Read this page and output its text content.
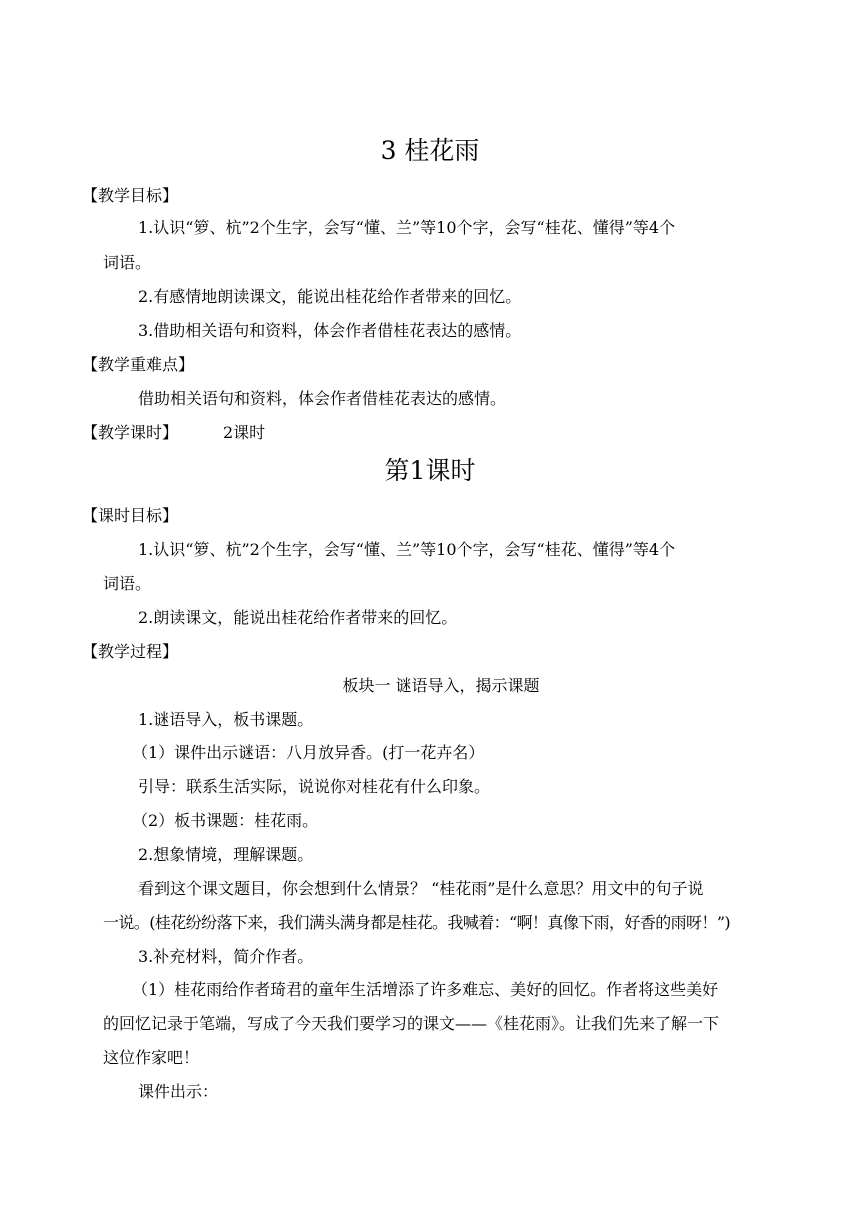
3 桂花雨
【教学目标】
1.认识“箩、杭”2个生字，会写“懂、兰”等10个字，会写“桂花、懂得”等4个
词语。
2.有感情地朗读课文，能说出桂花给作者带来的回忆。
3.借助相关语句和资料，体会作者借桂花表达的感情。
【教学重难点】
借助相关语句和资料，体会作者借桂花表达的感情。
【教学课时】	2课时
第1课时
【课时目标】
1.认识“箩、杭”2个生字，会写“懂、兰”等10个字，会写“桂花、懂得”等4个
词语。
2.朗读课文，能说出桂花给作者带来的回忆。
【教学过程】
板块一 谜语导入，揭示课题
1.谜语导入，板书课题。
（1）课件出示谜语：八月放异香。(打一花卉名）
引导：联系生活实际，说说你对桂花有什么印象。
（2）板书课题：桂花雨。
2.想象情境，理解课题。
看到这个课文题目，你会想到什么情景？ “桂花雨”是什么意思？用文中的句子说
一说。(桂花纷纷落下来，我们满头满身都是桂花。我喊着：“啊！真像下雨，好香的雨呀！”)
3.补充材料，简介作者。
（1）桂花雨给作者琦君的童年生活增添了许多难忘、美好的回忆。作者将这些美好
的回忆记录于笔端，写成了今天我们要学习的课文——《桂花雨》。让我们先来了解一下
这位作家吧！
课件出示：
